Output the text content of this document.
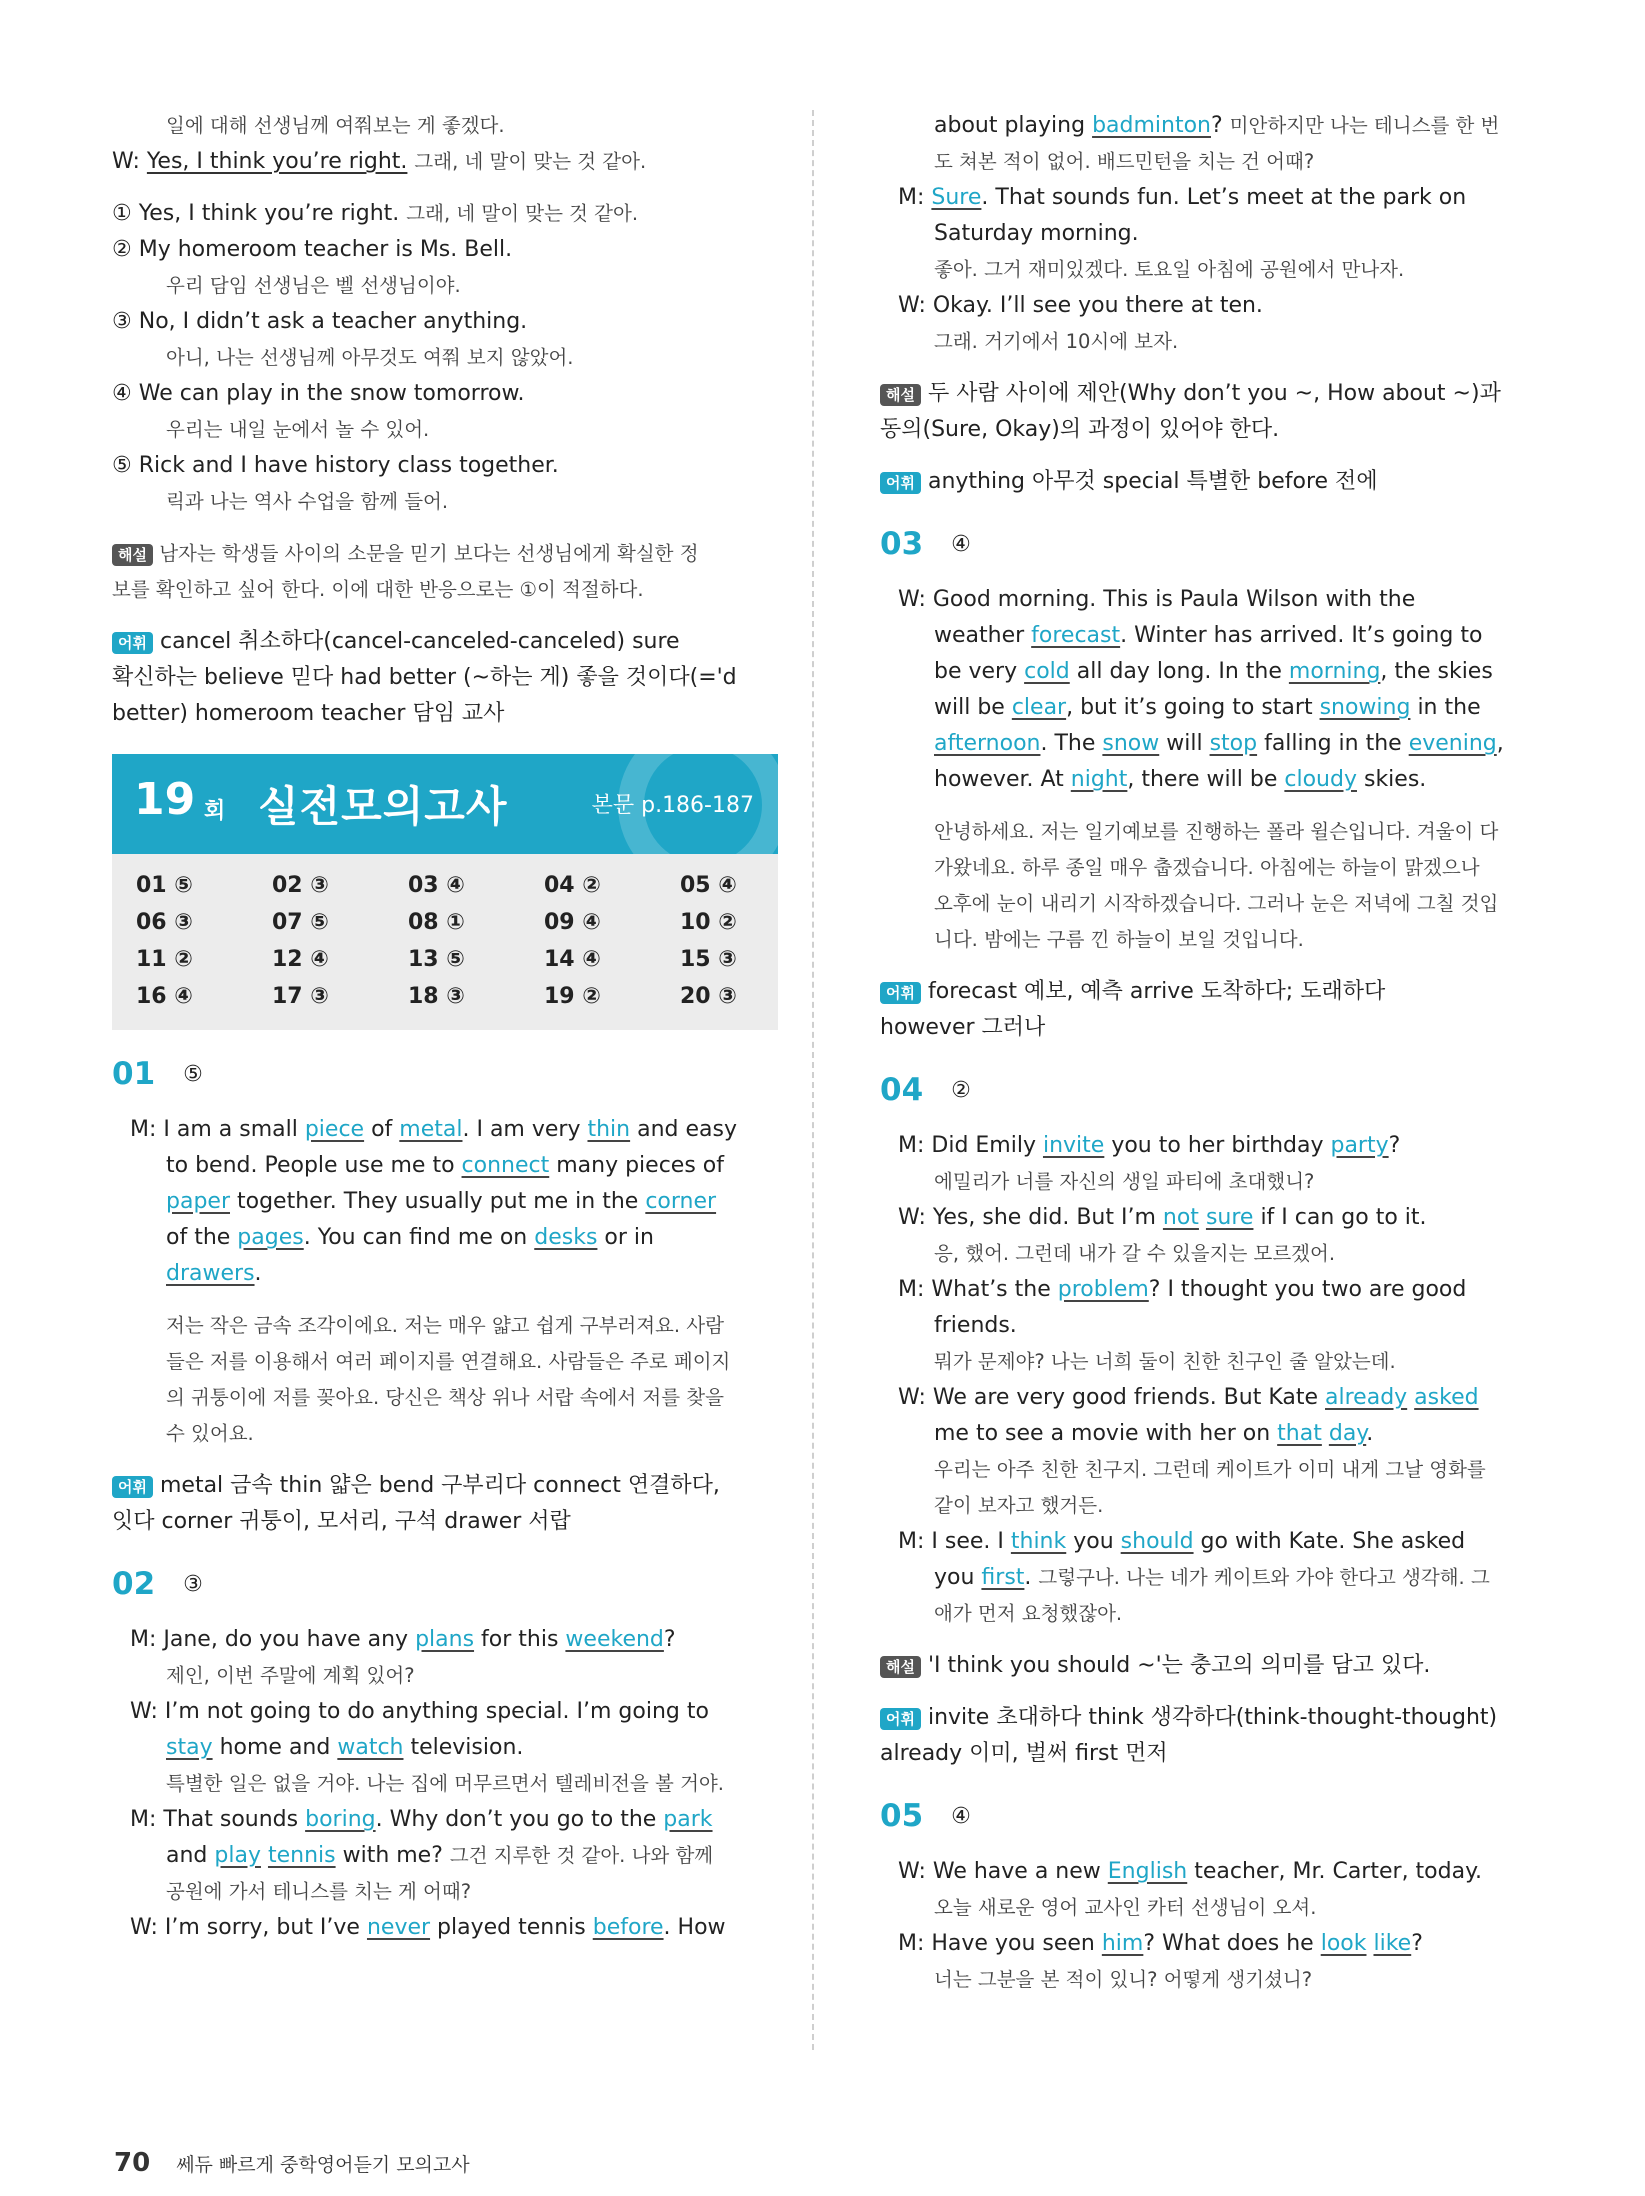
일에 대해 선생님께 여쭤보는 게 좋겠다.
W: Yes, I think you’re right. 그래, 네 말이 맞는 것 같아.
① Yes, I think you’re right. 그래, 네 말이 맞는 것 같아.
② My homeroom teacher is Ms. Bell.
우리 담임 선생님은 벨 선생님이야.
③ No, I didn’t ask a teacher anything.
아니, 나는 선생님께 아무것도 여쭤 보지 않았어.
④ We can play in the snow tomorrow.
우리는 내일 눈에서 놀 수 있어.
⑤ Rick and I have history class together.
릭과 나는 역사 수업을 함께 들어.
해설 남자는 학생들 사이의 소문을 믿기 보다는 선생님에게 확실한 정
보를 확인하고 싶어 한다. 이에 대한 반응으로는 ①이 적절하다.
어휘 cancel 취소하다(cancel-canceled-canceled) sure
확신하는 believe 믿다 had better (~하는 게) 좋을 것이다(='d
better) homeroom teacher 담임 교사
19 회 실전모의고사	본문 p.186-187
01 ⑤	02 ③	03 ④	04 ②	05 ④
06 ③	07 ⑤	08 ①	09 ④	10 ②
11 ②	12 ④	13 ⑤	14 ④	15 ③
16 ④	17 ③	18 ③	19 ②	20 ③
01 ⑤
M: I am a small piece of metal. I am very thin and easy
to bend. People use me to connect many pieces of
paper together. They usually put me in the corner
of the pages. You can find me on desks or in
drawers.
저는 작은 금속 조각이에요. 저는 매우 얇고 쉽게 구부러져요. 사람
들은 저를 이용해서 여러 페이지를 연결해요. 사람들은 주로 페이지
의 귀퉁이에 저를 꽂아요. 당신은 책상 위나 서랍 속에서 저를 찾을
수 있어요.
어휘 metal 금속 thin 얇은 bend 구부리다 connect 연결하다,
잇다 corner 귀퉁이, 모서리, 구석 drawer 서랍
02 ③
M: Jane, do you have any plans for this weekend?
제인, 이번 주말에 계획 있어?
W: I’m not going to do anything special. I’m going to
stay home and watch television.
특별한 일은 없을 거야. 나는 집에 머무르면서 텔레비전을 볼 거야.
M: That sounds boring. Why don’t you go to the park
and play tennis with me? 그건 지루한 것 같아. 나와 함께
공원에 가서 테니스를 치는 게 어때?
W: I’m sorry, but I’ve never played tennis before. How
about playing badminton? 미안하지만 나는 테니스를 한 번
도 쳐본 적이 없어. 배드민턴을 치는 건 어때?
M: Sure. That sounds fun. Let’s meet at the park on
Saturday morning.
좋아. 그거 재미있겠다. 토요일 아침에 공원에서 만나자.
W: Okay. I’ll see you there at ten.
그래. 거기에서 10시에 보자.
해설 두 사람 사이에 제안(Why don’t you ~, How about ~)과
동의(Sure, Okay)의 과정이 있어야 한다.
어휘 anything 아무것 special 특별한 before 전에
03 ④
W: Good morning. This is Paula Wilson with the
weather forecast. Winter has arrived. It’s going to
be very cold all day long. In the morning, the skies
will be clear, but it’s going to start snowing in the
afternoon. The snow will stop falling in the evening,
however. At night, there will be cloudy skies.
안녕하세요. 저는 일기예보를 진행하는 폴라 윌슨입니다. 겨울이 다
가왔네요. 하루 종일 매우 춥겠습니다. 아침에는 하늘이 맑겠으나
오후에 눈이 내리기 시작하겠습니다. 그러나 눈은 저녁에 그칠 것입
니다. 밤에는 구름 낀 하늘이 보일 것입니다.
어휘 forecast 예보, 예측 arrive 도착하다; 도래하다
however 그러나
04 ②
M: Did Emily invite you to her birthday party?
에밀리가 너를 자신의 생일 파티에 초대했니?
W: Yes, she did. But I’m not sure if I can go to it.
응, 했어. 그런데 내가 갈 수 있을지는 모르겠어.
M: What’s the problem? I thought you two are good
friends.
뭐가 문제야? 나는 너희 둘이 친한 친구인 줄 알았는데.
W: We are very good friends. But Kate already asked
me to see a movie with her on that day.
우리는 아주 친한 친구지. 그런데 케이트가 이미 내게 그날 영화를
같이 보자고 했거든.
M: I see. I think you should go with Kate. She asked
you first. 그렇구나. 나는 네가 케이트와 가야 한다고 생각해. 그
애가 먼저 요청했잖아.
해설 'I think you should ~'는 충고의 의미를 담고 있다.
어휘 invite 초대하다 think 생각하다(think-thought-thought)
already 이미, 벌써 first 먼저
05 ④
W: We have a new English teacher, Mr. Carter, today.
오늘 새로운 영어 교사인 카터 선생님이 오셔.
M: Have you seen him? What does he look like?
너는 그분을 본 적이 있니? 어떻게 생기셨니?
70 쎄듀 빠르게 중학영어듣기 모의고사
